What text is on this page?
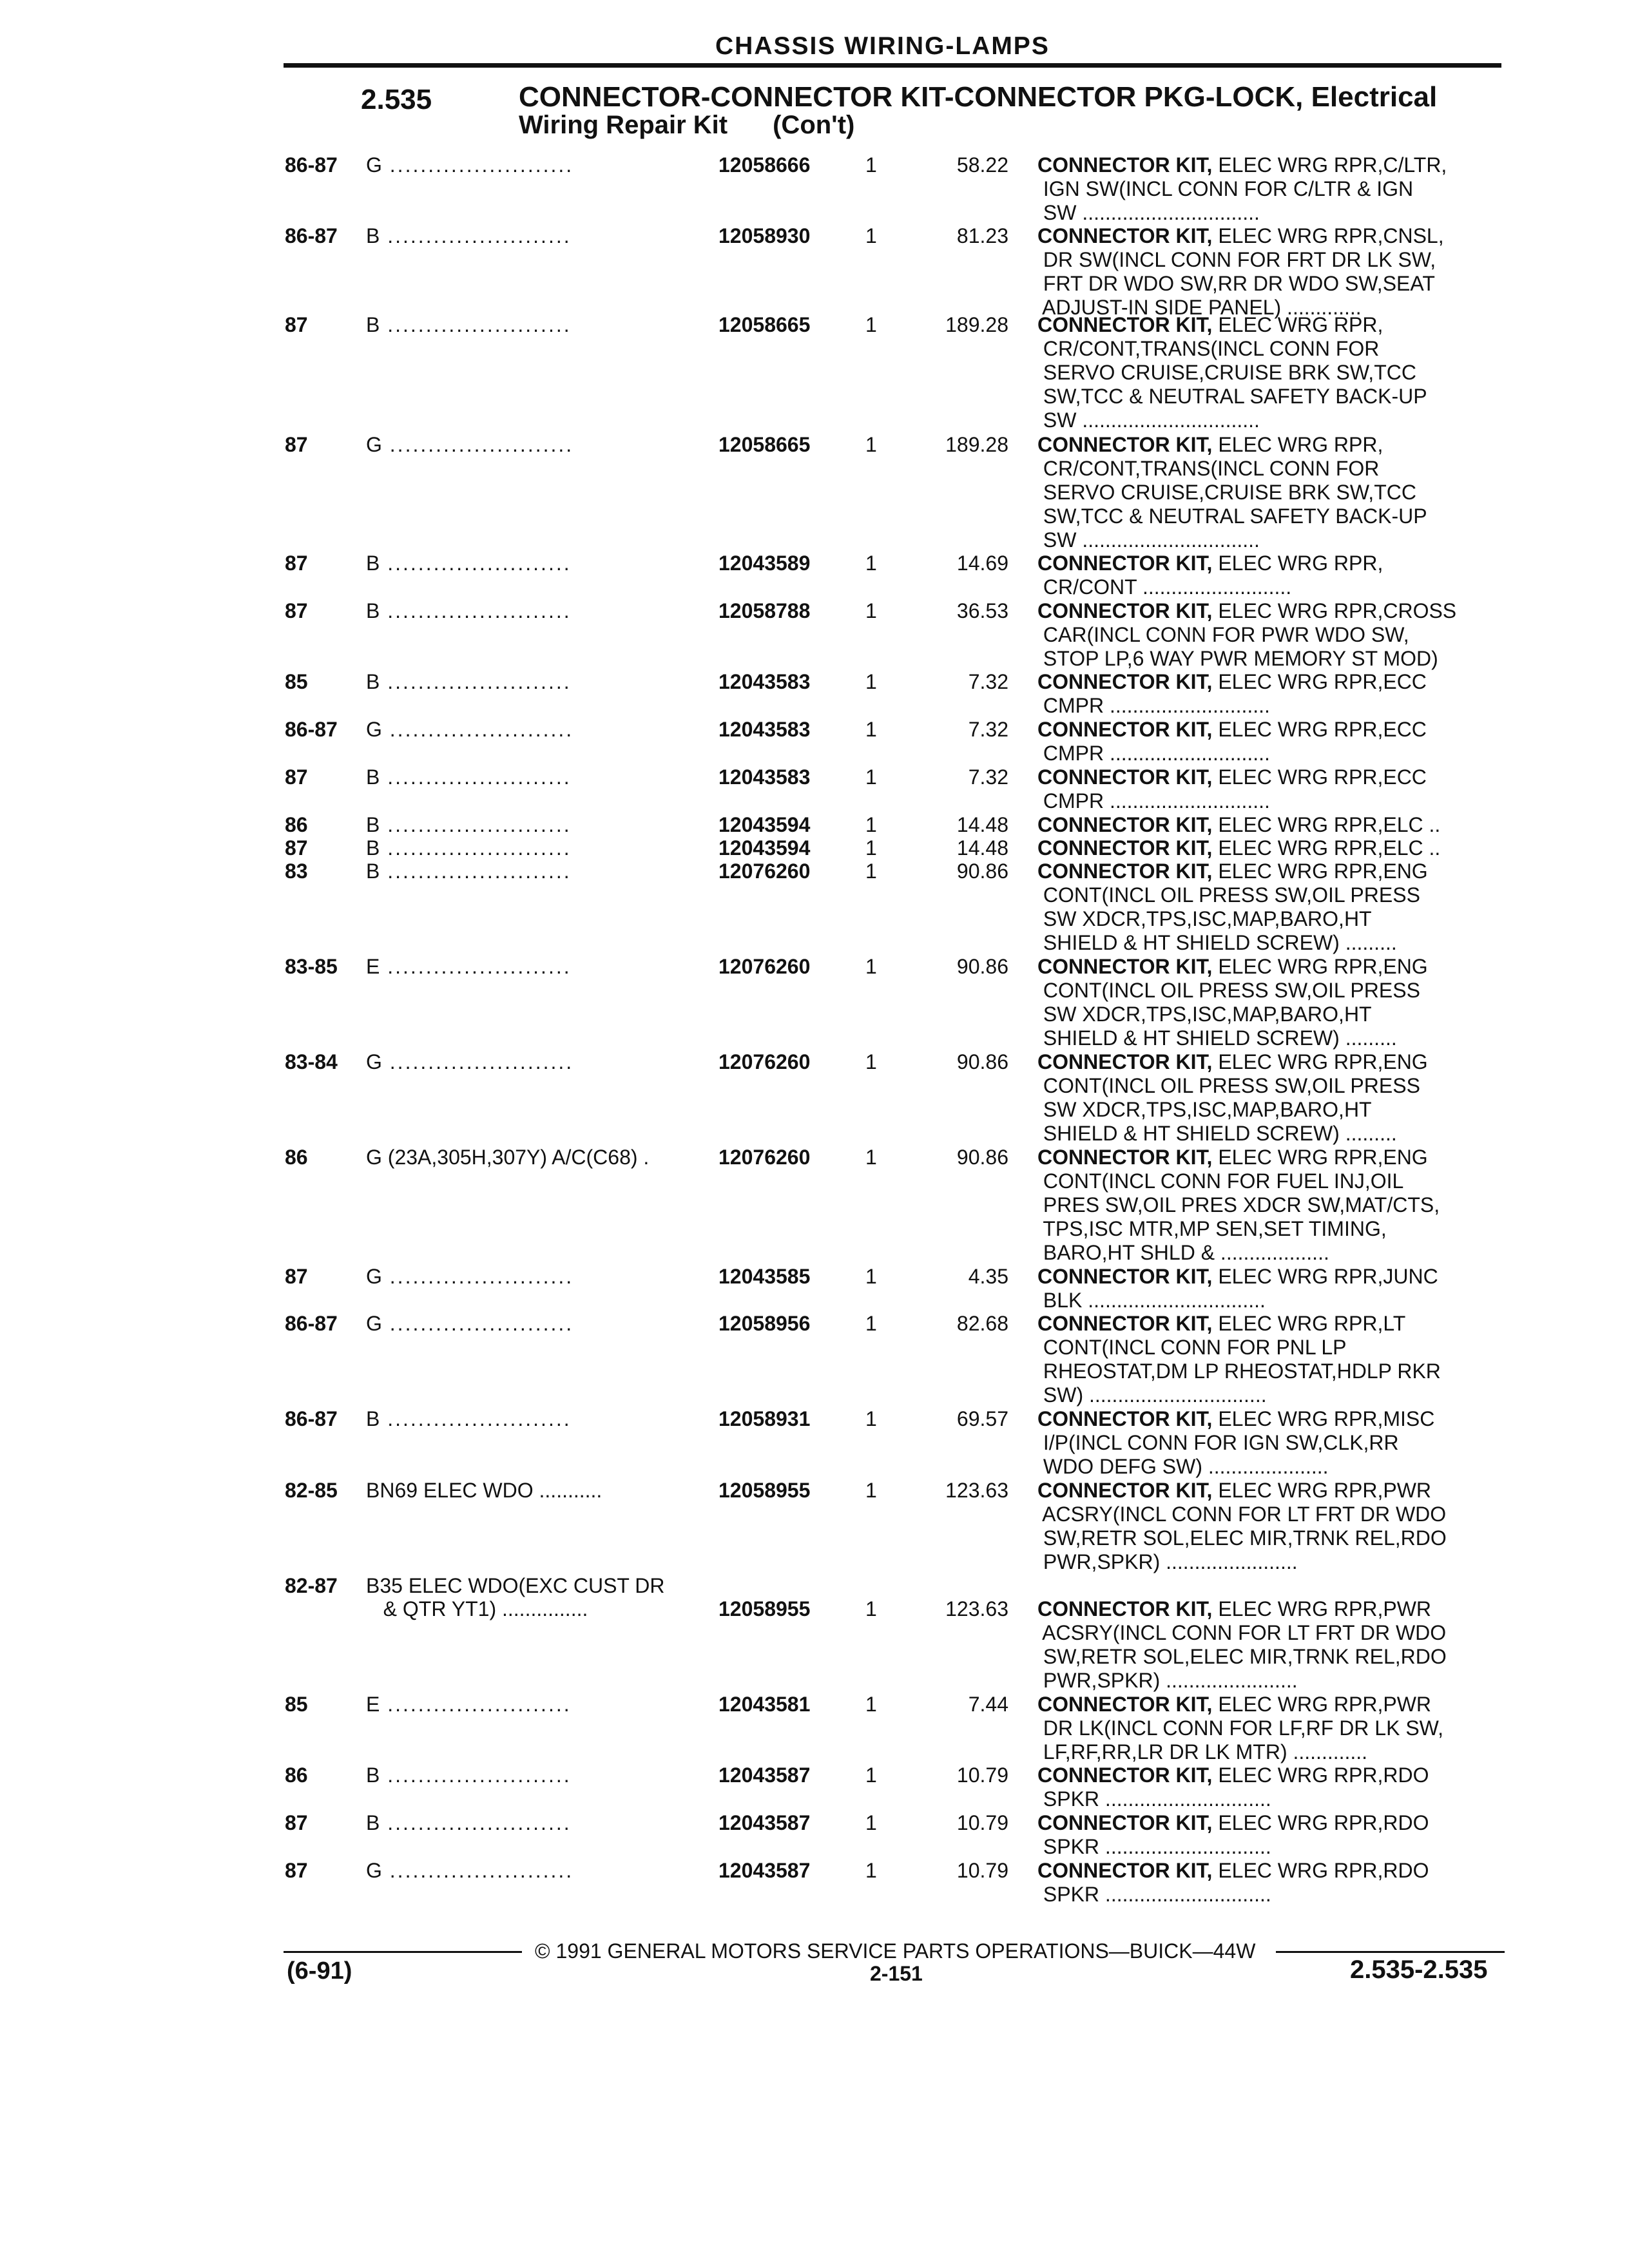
CHASSIS WIRING-LAMPS
2.535	CONNECTOR-CONNECTOR KIT-CONNECTOR PKG-LOCK, Electrical
Wiring Repair Kit (Con't)
86-87	G ........................	12058666	1	58.22 CONNECTOR KIT, ELEC WRG RPR,C/LTR,
IGN SW(INCL CONN FOR C/LTR & IGN
SW ...............................
86-87	B ........................	12058930	1	81.23 CONNECTOR KIT, ELEC WRG RPR,CNSL,
DR SW(INCL CONN FOR FRT DR LK SW,
FRT DR WDO SW,RR DR WDO SW,SEAT
ADJUST-IN SIDE PANEL) .............
87	B ........................	12058665	1	189.28 CONNECTOR KIT, ELEC WRG RPR,
CR/CONT,TRANS(INCL CONN FOR
SERVO CRUISE,CRUISE BRK SW,TCC
SW,TCC & NEUTRAL SAFETY BACK-UP
SW ...............................
87	G ........................	12058665	1	189.28 CONNECTOR KIT, ELEC WRG RPR,
CR/CONT,TRANS(INCL CONN FOR
SERVO CRUISE,CRUISE BRK SW,TCC
SW,TCC & NEUTRAL SAFETY BACK-UP
SW ...............................
87	B ........................	12043589	1	14.69 CONNECTOR KIT, ELEC WRG RPR,
CR/CONT ..........................
87	B ........................	12058788	1	36.53 CONNECTOR KIT, ELEC WRG RPR,CROSS
CAR(INCL CONN FOR PWR WDO SW,
STOP LP,6 WAY PWR MEMORY ST MOD)
85	B ........................	12043583	1	7.32 CONNECTOR KIT, ELEC WRG RPR,ECC
CMPR ............................
86-87	G ........................	12043583	1	7.32 CONNECTOR KIT, ELEC WRG RPR,ECC
CMPR ............................
87	B ........................	12043583	1	7.32 CONNECTOR KIT, ELEC WRG RPR,ECC
CMPR ............................
86	B ........................	12043594	1	14.48 CONNECTOR KIT, ELEC WRG RPR,ELC ..
87	B ........................	12043594	1	14.48 CONNECTOR KIT, ELEC WRG RPR,ELC ..
83	B ........................	12076260	1	90.86 CONNECTOR KIT, ELEC WRG RPR,ENG
CONT(INCL OIL PRESS SW,OIL PRESS
SW XDCR,TPS,ISC,MAP,BARO,HT
SHIELD & HT SHIELD SCREW) .........
83-85	E ........................	12076260	1	90.86 CONNECTOR KIT, ELEC WRG RPR,ENG
CONT(INCL OIL PRESS SW,OIL PRESS
SW XDCR,TPS,ISC,MAP,BARO,HT
SHIELD & HT SHIELD SCREW) .........
83-84	G ........................	12076260	1	90.86 CONNECTOR KIT, ELEC WRG RPR,ENG
CONT(INCL OIL PRESS SW,OIL PRESS
SW XDCR,TPS,ISC,MAP,BARO,HT
SHIELD & HT SHIELD SCREW) .........
86	G (23A,305H,307Y) A/C(C68) .	12076260	1	90.86 CONNECTOR KIT, ELEC WRG RPR,ENG
CONT(INCL CONN FOR FUEL INJ,OIL
PRES SW,OIL PRES XDCR SW,MAT/CTS,
TPS,ISC MTR,MP SEN,SET TIMING,
BARO,HT SHLD & ...................
87	G ........................	12043585	1	4.35 CONNECTOR KIT, ELEC WRG RPR,JUNC
BLK ...............................
86-87	G ........................	12058956	1	82.68 CONNECTOR KIT, ELEC WRG RPR,LT
CONT(INCL CONN FOR PNL LP
RHEOSTAT,DM LP RHEOSTAT,HDLP RKR
SW) ...............................
86-87	B ........................	12058931	1	69.57 CONNECTOR KIT, ELEC WRG RPR,MISC
I/P(INCL CONN FOR IGN SW,CLK,RR
WDO DEFG SW) .....................
82-85	BN69 ELEC WDO ...........	12058955	1	123.63 CONNECTOR KIT, ELEC WRG RPR,PWR
ACSRY(INCL CONN FOR LT FRT DR WDO
SW,RETR SOL,ELEC MIR,TRNK REL,RDO
PWR,SPKR) .......................
82-87	B35 ELEC WDO(EXC CUST DR
& QTR YT1) ...............	12058955	1	123.63 CONNECTOR KIT, ELEC WRG RPR,PWR
ACSRY(INCL CONN FOR LT FRT DR WDO
SW,RETR SOL,ELEC MIR,TRNK REL,RDO
PWR,SPKR) .......................
85	E ........................	12043581	1	7.44 CONNECTOR KIT, ELEC WRG RPR,PWR
DR LK(INCL CONN FOR LF,RF DR LK SW,
LF,RF,RR,LR DR LK MTR) .............
86	B ........................	12043587	1	10.79 CONNECTOR KIT, ELEC WRG RPR,RDO
SPKR .............................
87	B ........................	12043587	1	10.79 CONNECTOR KIT, ELEC WRG RPR,RDO
SPKR .............................
87	G ........................	12043587	1	10.79 CONNECTOR KIT, ELEC WRG RPR,RDO
SPKR .............................
© 1991 GENERAL MOTORS SERVICE PARTS OPERATIONS—BUICK—44W
(6-91)	2-151	2.535-2.535
